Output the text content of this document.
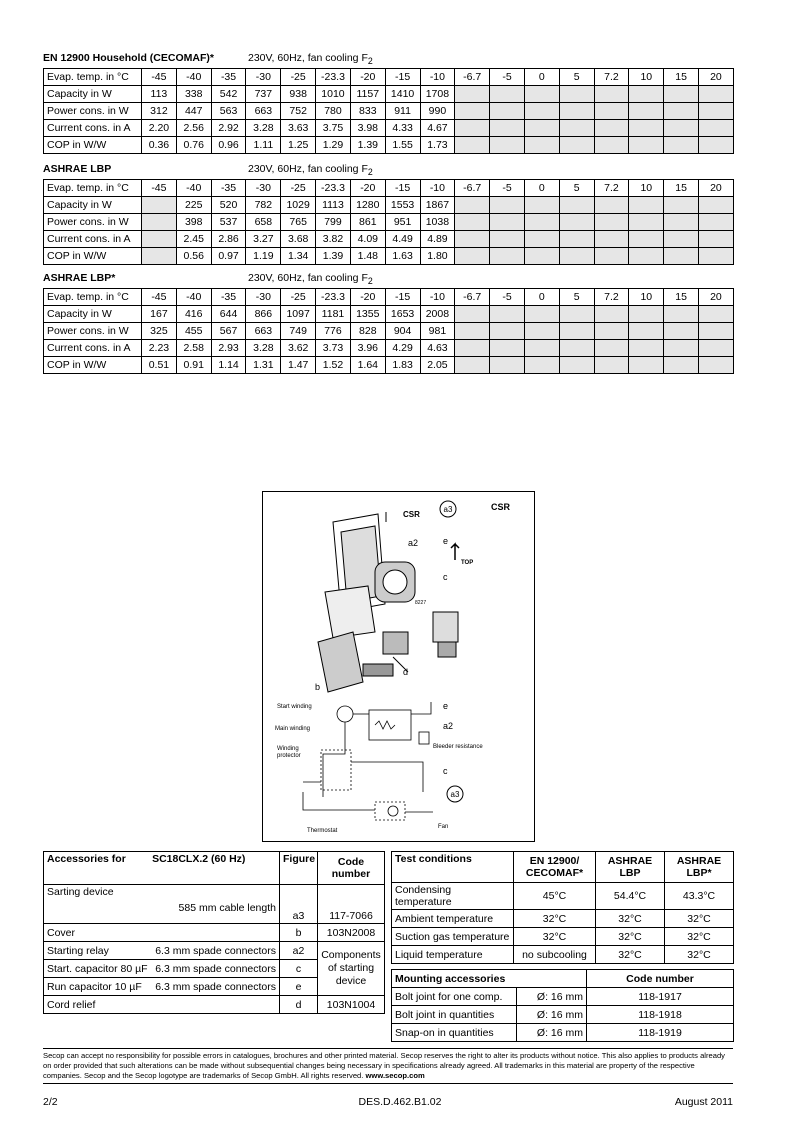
EN 12900 Household (CECOMAF)*	230V, 60Hz, fan cooling $F_2$
Evap. temp. in °C	-45	-40	-35	-30	-25	-23.3	-20	-15	-10	-6.7	-5	0	5	7.2	10	15	20
Capacity in W	113	338	542	737	938	1010	1157	1410	1708								
Power cons. in W	312	447	563	663	752	780	833	911	990								
Current cons. in A	2.20	2.56	2.92	3.28	3.63	3.75	3.98	4.33	4.67								
COP in W/W	0.36	0.76	0.96	1.11	1.25	1.29	1.39	1.55	1.73								
ASHRAE LBP	230V, 60Hz, fan cooling $F_2$
Evap. temp. in °C	-45	-40	-35	-30	-25	-23.3	-20	-15	-10	-6.7	-5	0	5	7.2	10	15	20
Capacity in W		225	520	782	1029	1113	1280	1553	1867								
Power cons. in W		398	537	658	765	799	861	951	1038								
Current cons. in A		2.45	2.86	3.27	3.68	3.82	4.09	4.49	4.89								
COP in W/W		0.56	0.97	1.19	1.34	1.39	1.48	1.63	1.80								
ASHRAE LBP*	230V, 60Hz, fan cooling $F_2$
Evap. temp. in °C	-45	-40	-35	-30	-25	-23.3	-20	-15	-10	-6.7	-5	0	5	7.2	10	15	20
Capacity in W	167	416	644	866	1097	1181	1355	1653	2008								
Power cons. in W	325	455	567	663	749	776	828	904	981								
Current cons. in A	2.23	2.58	2.93	3.28	3.62	3.73	3.96	4.29	4.63								
COP in W/W	0.51	0.91	1.14	1.31	1.47	1.52	1.64	1.83	2.05								
CSR
a3	CSR
a2	e
c
TOP
8227
b
d
Start winding
Main winding
Winding
protector
e
a2
Bleeder resistance
c
a3
Thermostat
Fan
Accessories for SC18CLX.2 (60 Hz)	Figure	Code number

Sarting device
585 mm cable length	a3	117-7066
Cover	b	103N2008
Starting relay 6.3 mm spade connectors	a2	Components of starting device
Start. capacitor 80 µF 6.3 mm spade connectors	c	
Run capacitor 10 µF 6.3 mm spade connectors	e	
Cord relief	d	103N1004
Test conditions	EN 12900/ CECOMAF*	ASHRAE LBP	ASHRAE LBP*
Condensing temperature	45°C	54.4°C	43.3°C
Ambient temperature	32°C	32°C	32°C
Suction gas temperature	32°C	32°C	32°C
Liquid temperature	no subcooling	32°C	32°C
Mounting accessories		Code number
Bolt joint for one comp.	Ø: 16 mm	118-1917
Bolt joint in quantities	Ø: 16 mm	118-1918
Snap-on in quantities	Ø: 16 mm	118-1919
Secop can accept no responsibility for possible errors in catalogues, brochures and other printed material. Secop reserves the right to alter its products without notice. This also applies to products already on order provided that such alterations can be made without subsequential changes being necessary in specifications already agreed. All trademarks in this material are property of the respective companies. Secop and the Secop logotype are trademarks of Secop GmbH. All rights reserved. www.secop.com
2/2	DES.D.462.B1.02	August 2011
